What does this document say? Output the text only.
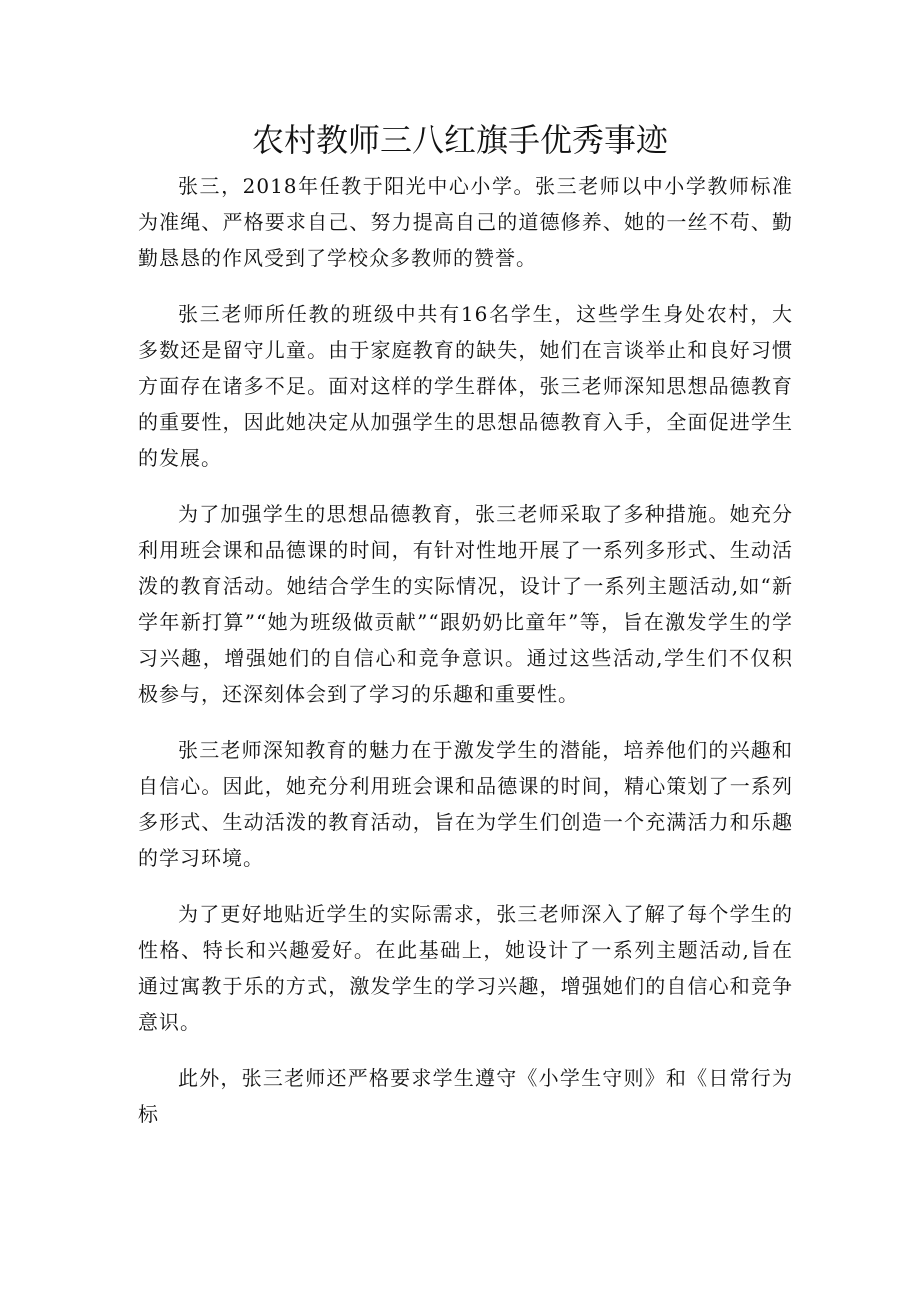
农村教师三八红旗手优秀事迹

张三，2018年任教于阳光中心小学。张三老师以中小学教师标准为准绳、严格要求自己、努力提高自己的道德修养、她的一丝不苟、勤勤恳恳的作风受到了学校众多教师的赞誉。

张三老师所任教的班级中共有16名学生，这些学生身处农村，大多数还是留守儿童。由于家庭教育的缺失，她们在言谈举止和良好习惯方面存在诸多不足。面对这样的学生群体，张三老师深知思想品德教育的重要性，因此她决定从加强学生的思想品德教育入手，全面促进学生的发展。

为了加强学生的思想品德教育，张三老师采取了多种措施。她充分利用班会课和品德课的时间，有针对性地开展了一系列多形式、生动活泼的教育活动。她结合学生的实际情况，设计了一系列主题活动,如“新学年新打算”“她为班级做贡献”“跟奶奶比童年”等，旨在激发学生的学习兴趣，增强她们的自信心和竞争意识。通过这些活动,学生们不仅积极参与，还深刻体会到了学习的乐趣和重要性。

张三老师深知教育的魅力在于激发学生的潜能，培养他们的兴趣和自信心。因此，她充分利用班会课和品德课的时间，精心策划了一系列多形式、生动活泼的教育活动，旨在为学生们创造一个充满活力和乐趣的学习环境。

为了更好地贴近学生的实际需求，张三老师深入了解了每个学生的性格、特长和兴趣爱好。在此基础上，她设计了一系列主题活动,旨在通过寓教于乐的方式，激发学生的学习兴趣，增强她们的自信心和竞争意识。

此外，张三老师还严格要求学生遵守《小学生守则》和《日常行为标
